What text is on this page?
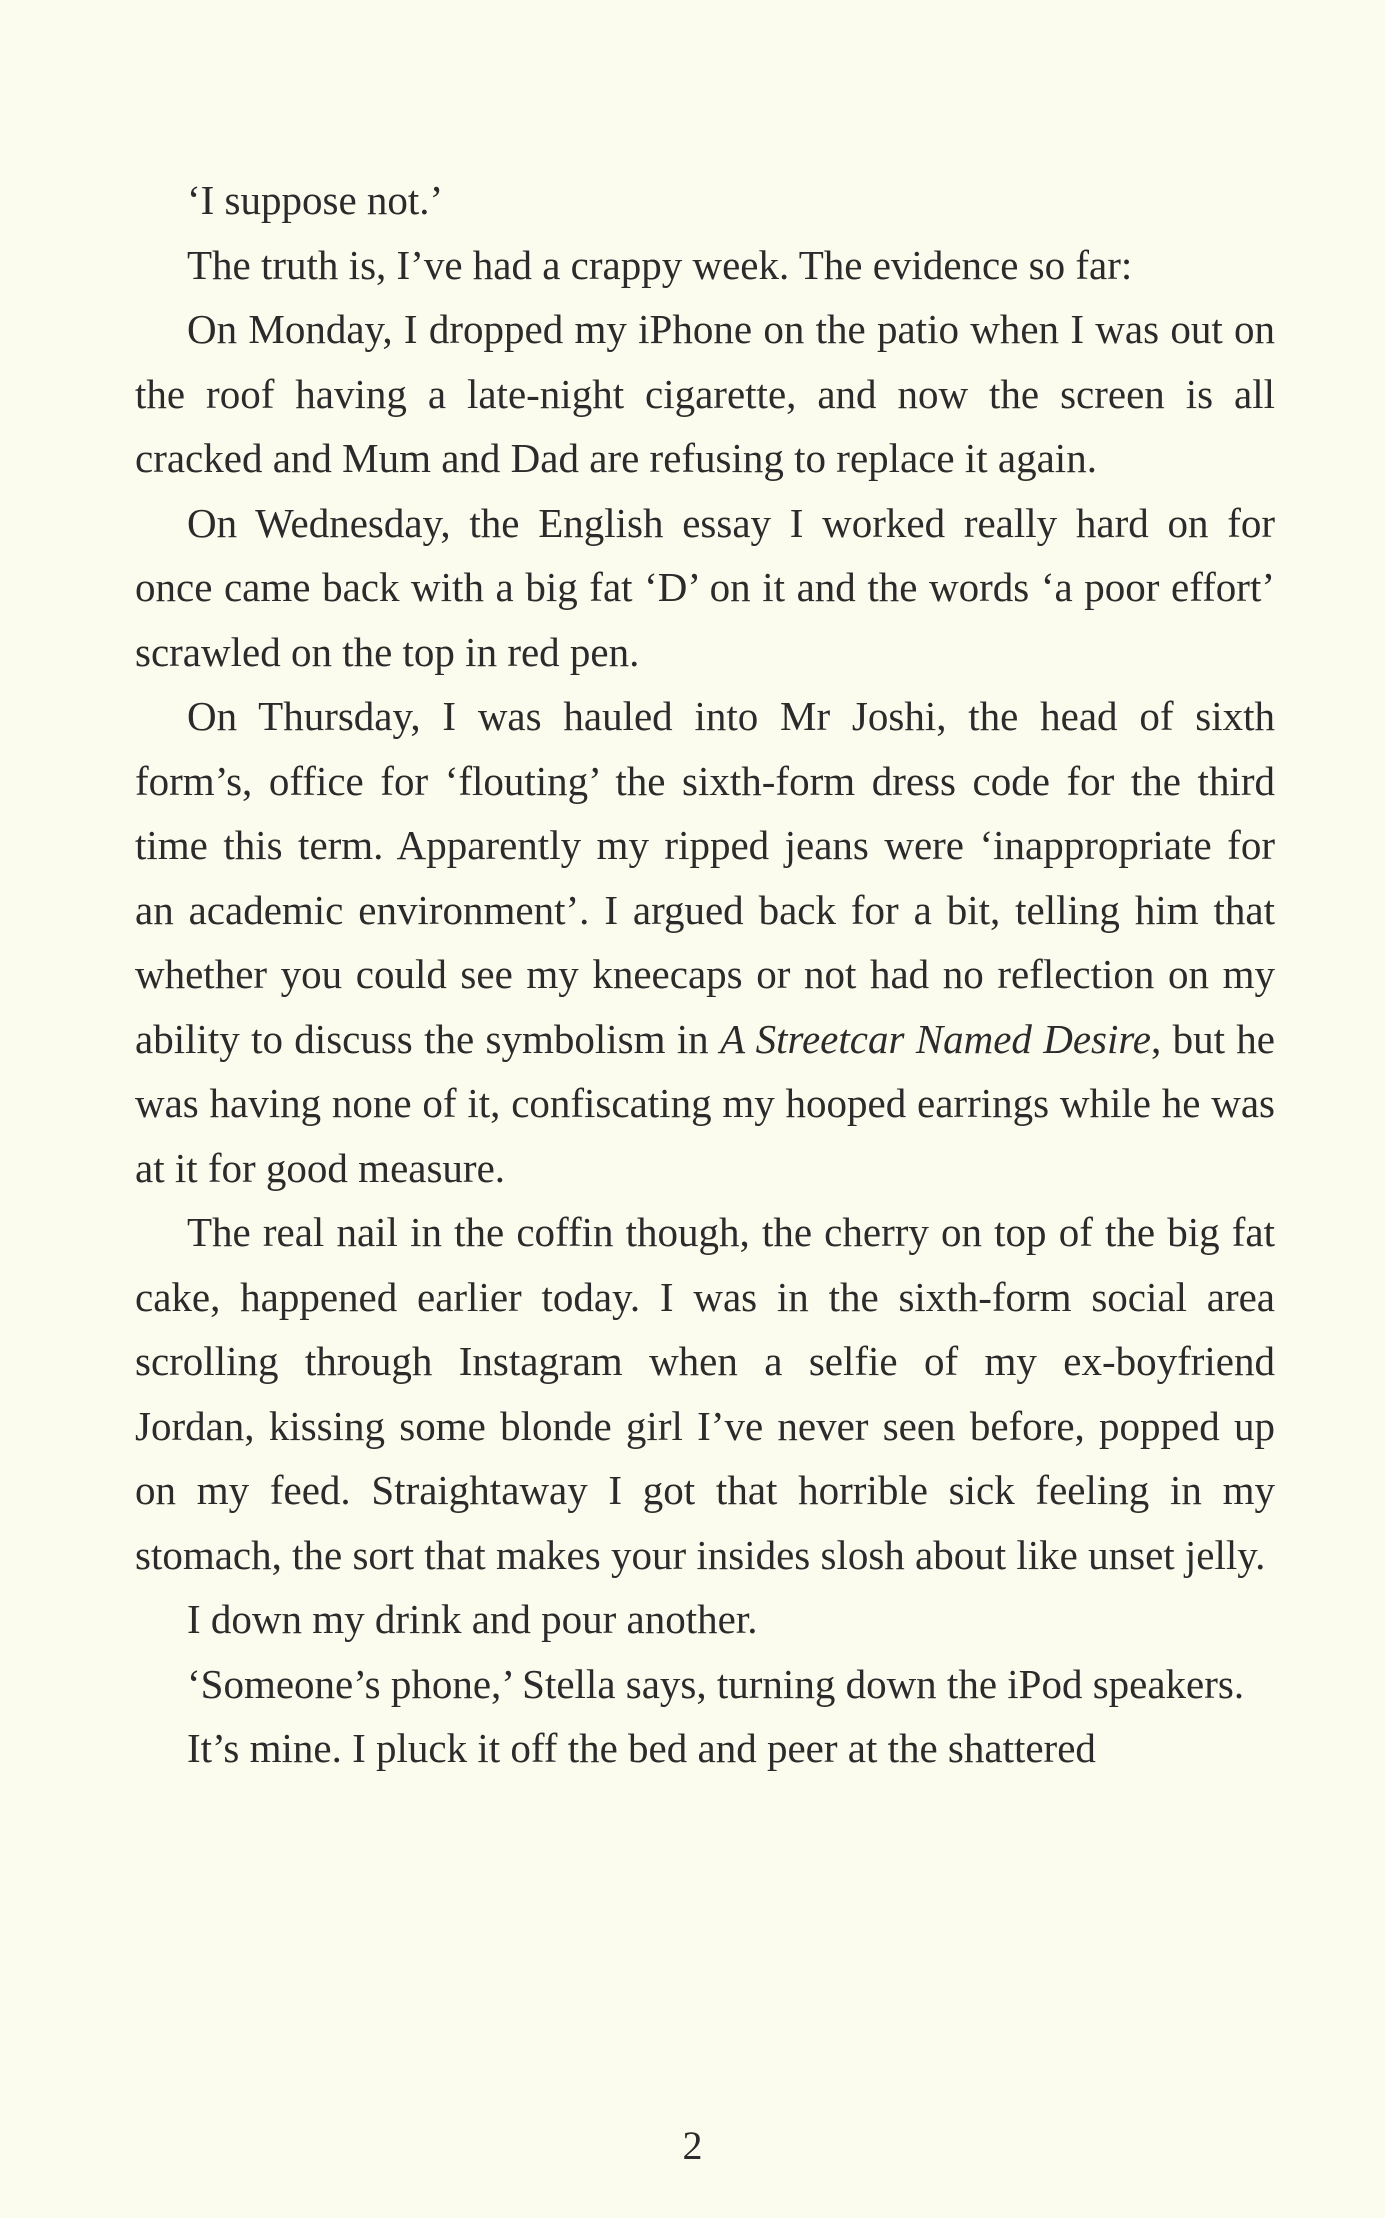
‘I suppose not.’

The truth is, I’ve had a crappy week. The evidence so far:

On Monday, I dropped my iPhone on the patio when I was out on the roof having a late-night cigarette, and now the screen is all cracked and Mum and Dad are refusing to replace it again.

On Wednesday, the English essay I worked really hard on for once came back with a big fat ‘D’ on it and the words ‘a poor effort’ scrawled on the top in red pen.

On Thursday, I was hauled into Mr Joshi, the head of sixth form’s, office for ‘flouting’ the sixth-form dress code for the third time this term. Apparently my ripped jeans were ‘inappropriate for an academic environment’. I argued back for a bit, telling him that whether you could see my kneecaps or not had no reflection on my ability to discuss the symbolism in A Streetcar Named Desire, but he was having none of it, confiscating my hooped earrings while he was at it for good measure.

The real nail in the coffin though, the cherry on top of the big fat cake, happened earlier today. I was in the sixth-form social area scrolling through Instagram when a selfie of my ex-boyfriend Jordan, kissing some blonde girl I’ve never seen before, popped up on my feed. Straightaway I got that horrible sick feeling in my stomach, the sort that makes your insides slosh about like unset jelly.

I down my drink and pour another.

‘Someone’s phone,’ Stella says, turning down the iPod speakers.

It’s mine. I pluck it off the bed and peer at the shattered

2
